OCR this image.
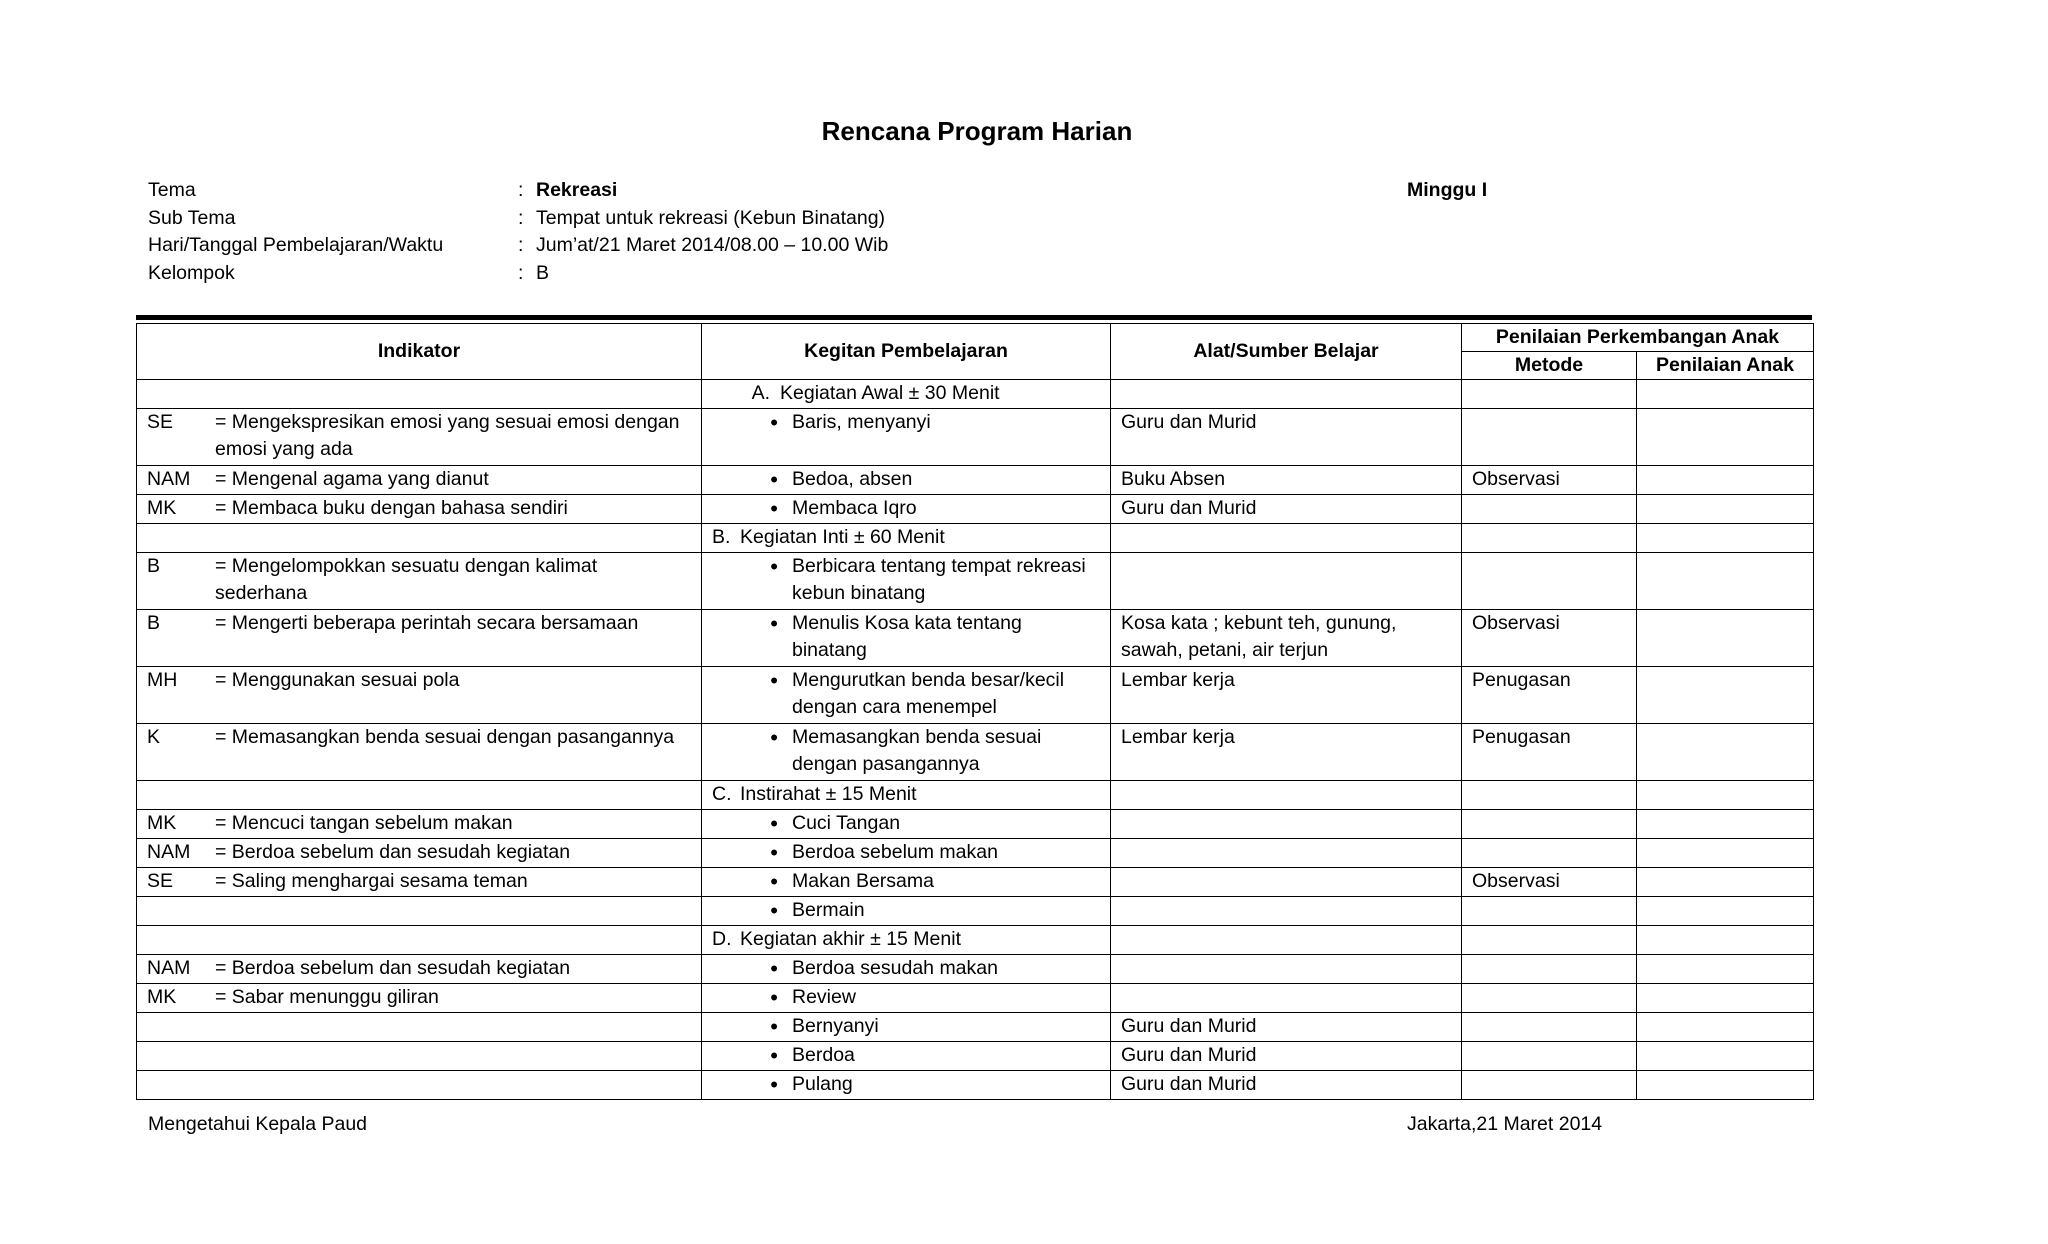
Rencana Program Harian
Tema	: Rekreasi
Sub Tema	: Tempat untuk rekreasi (Kebun Binatang)
Hari/Tanggal Pembelajaran/Waktu	: Jum’at/21 Maret 2014/08.00 – 10.00 Wib
Kelompok	: B
Minggu I
Indikator	Kegitan Pembelajaran	Alat/Sumber Belajar	Penilaian Perkembangan Anak	
			Metode	Penilaian Anak

	A. Kegiatan Awal ± 30 Menit			

SE = Mengekspresikan emosi yang sesuai emosi dengan emosi yang ada	• Baris, menyanyi	Guru dan Murid		

NAM = Mengenal agama yang dianut	• Bedoa, absen	Buku Absen	Observasi	

MK = Membaca buku dengan bahasa sendiri	• Membaca Iqro	Guru dan Murid		

	B. Kegiatan Inti ± 60 Menit			

B = Mengelompokkan sesuatu dengan kalimat sederhana	• Berbicara tentang tempat rekreasi kebun binatang			

B = Mengerti beberapa perintah secara bersamaan	• Menulis Kosa kata tentang binatang	Kosa kata ; kebunt teh, gunung, sawah, petani, air terjun	Observasi	

MH = Menggunakan sesuai pola	• Mengurutkan benda besar/kecil dengan cara menempel	Lembar kerja	Penugasan	

K = Memasangkan benda sesuai dengan pasangannya	• Memasangkan benda sesuai dengan pasangannya	Lembar kerja	Penugasan	

	C. Instirahat ± 15 Menit			

MK = Mencuci tangan sebelum makan	• Cuci Tangan			

NAM = Berdoa sebelum dan sesudah kegiatan	• Berdoa sebelum makan			

SE = Saling menghargai sesama teman	• Makan Bersama		Observasi	

	• Bermain			

	D. Kegiatan akhir ± 15 Menit			

NAM = Berdoa sebelum dan sesudah kegiatan	• Berdoa sesudah makan			

MK = Sabar menunggu giliran	• Review			

	• Bernyanyi	Guru dan Murid		

	• Berdoa	Guru dan Murid		

	• Pulang	Guru dan Murid		
Mengetahui Kepala Paud	Jakarta,21 Maret 2014
